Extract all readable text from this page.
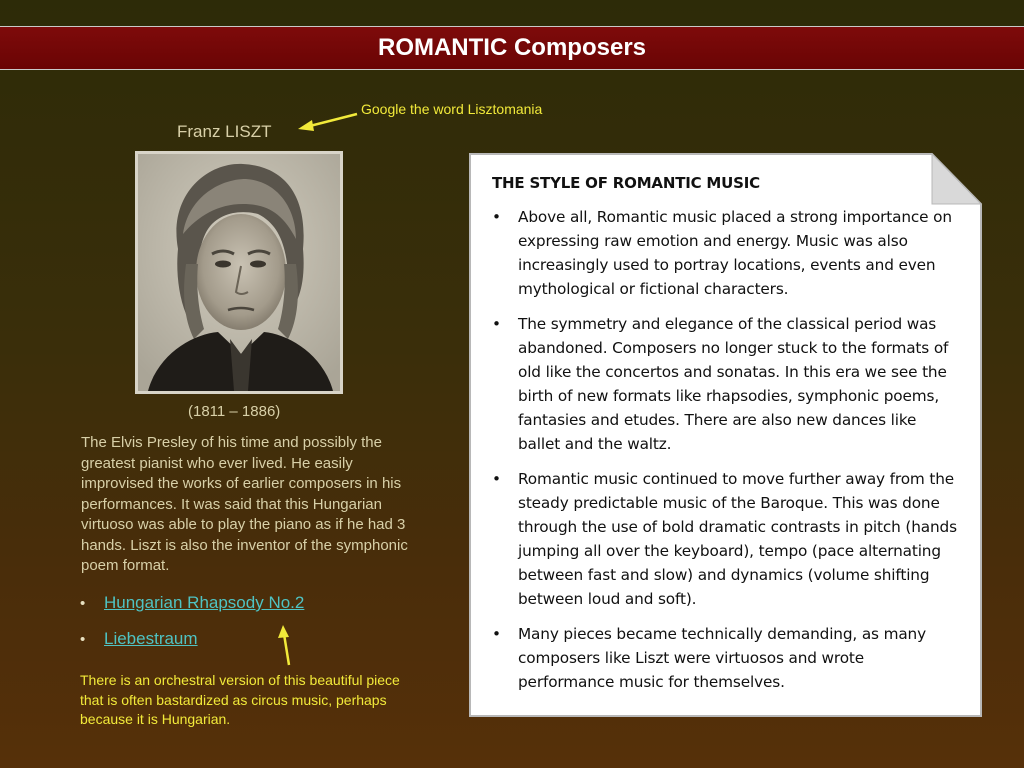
ROMANTIC Composers
Google the word Lisztomania
Franz LISZT
(1811 – 1886)
The Elvis Presley of his time and possibly the greatest pianist who ever lived. He easily improvised the works of earlier composers in his performances. It was said that this Hungarian virtuoso was able to play the piano as if he had 3 hands. Liszt is also the inventor of the symphonic poem format.
•	Hungarian Rhapsody No.2
•	Liebestraum
There is an orchestral version of this beautiful piece that is often bastardized as circus music, perhaps because it is Hungarian.

THE STYLE OF ROMANTIC MUSIC

• Above all, Romantic music placed a strong importance on expressing raw emotion and energy. Music was also increasingly used to portray locations, events and even mythological or fictional characters.
• The symmetry and elegance of the classical period was abandoned. Composers no longer stuck to the formats of old like the concertos and sonatas. In this era we see the birth of new formats like rhapsodies, symphonic poems, fantasies and etudes. There are also new dances like ballet and the waltz.
• Romantic music continued to move further away from the steady predictable music of the Baroque. This was done through the use of bold dramatic contrasts in pitch (hands jumping all over the keyboard), tempo (pace alternating between fast and slow) and dynamics (volume shifting between loud and soft).
• Many pieces became technically demanding, as many composers like Liszt were virtuosos and wrote performance music for themselves.
